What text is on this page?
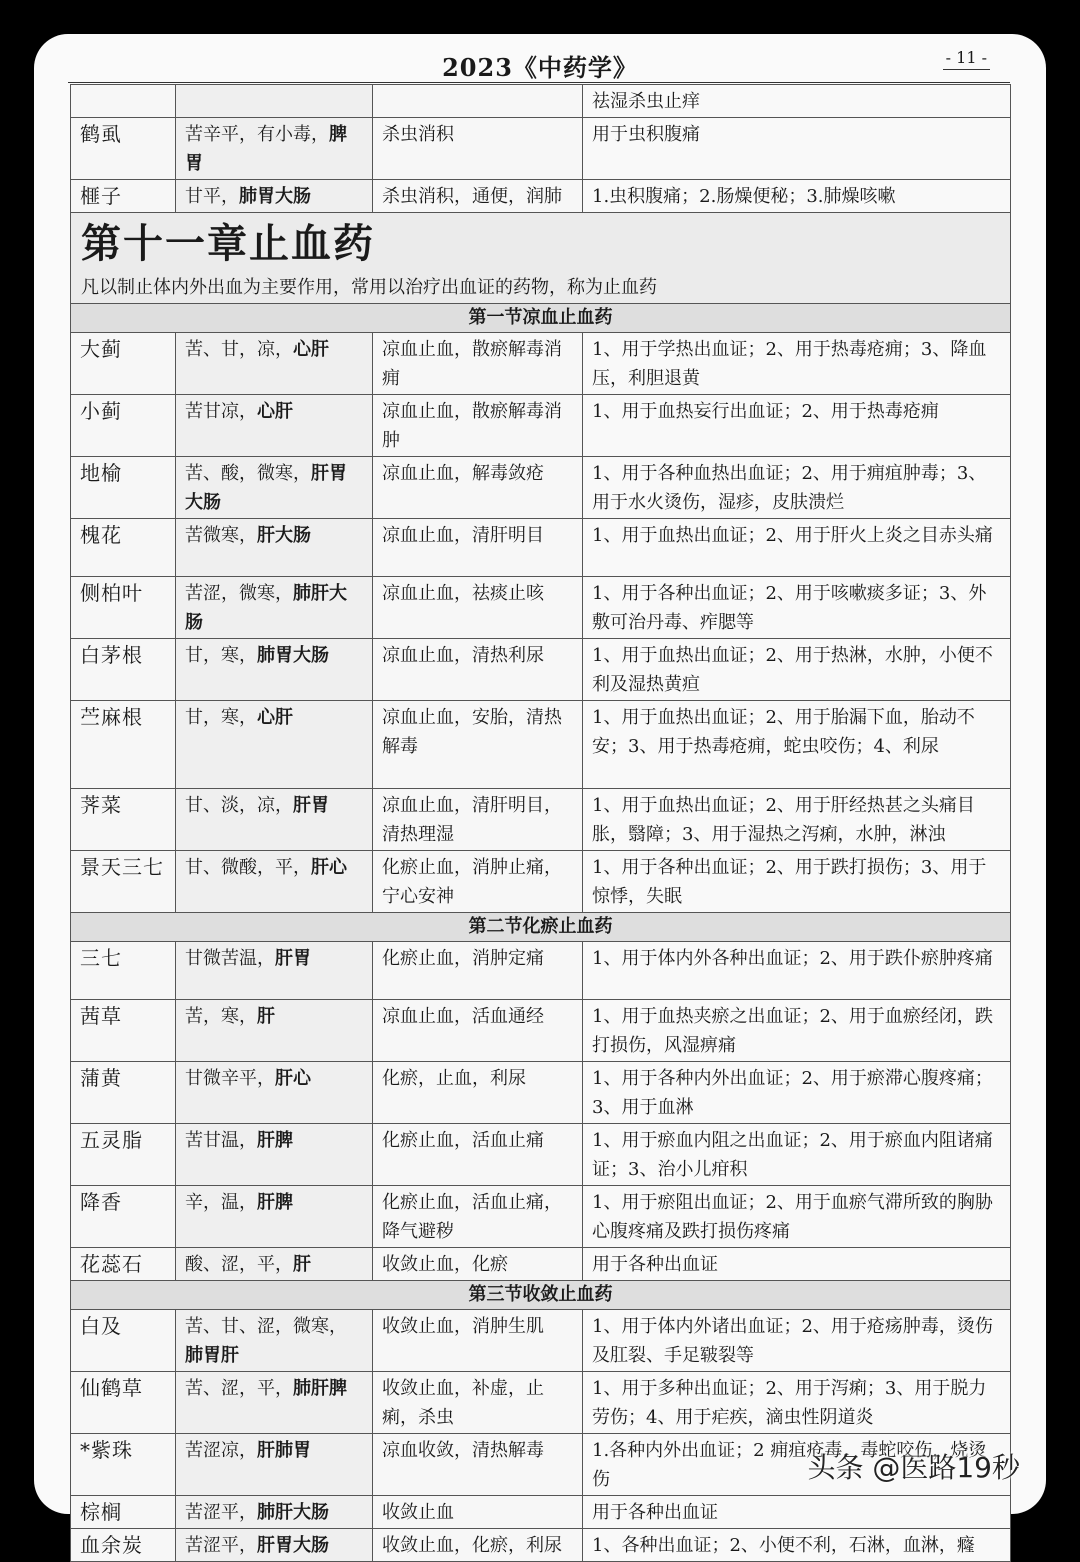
2023《中药学》	- 11 -
			祛湿杀虫止痒
鹤虱	苦辛平，有小毒，脾胃	杀虫消积	用于虫积腹痛
榧子	甘平，肺胃大肠	杀虫消积，通便，润肺	1.虫积腹痛；2.肠燥便秘；3.肺燥咳嗽

第十一章止血药
凡以制止体内外出血为主要作用，常用以治疗出血证的药物，称为止血药			

第一节凉血止血药			
大蓟	苦、甘，凉，心肝	凉血止血，散瘀解毒消痈	1、用于学热出血证；2、用于热毒疮痈；3、降血压，利胆退黄
小蓟	苦甘凉，心肝	凉血止血，散瘀解毒消肿	1、用于血热妄行出血证；2、用于热毒疮痈
地榆	苦、酸，微寒，肝胃大肠	凉血止血，解毒敛疮	1、用于各种血热出血证；2、用于痈疽肿毒；3、用于水火烫伤，湿疹，皮肤溃烂
槐花	苦微寒，肝大肠	凉血止血，清肝明目	1、用于血热出血证；2、用于肝火上炎之目赤头痛
侧柏叶	苦涩，微寒，肺肝大肠	凉血止血，祛痰止咳	1、用于各种出血证；2、用于咳嗽痰多证；3、外敷可治丹毒、痄腮等
白茅根	甘，寒，肺胃大肠	凉血止血，清热利尿	1、用于血热出血证；2、用于热淋，水肿，小便不利及湿热黄疸
苎麻根	甘，寒，心肝	凉血止血，安胎，清热解毒	1、用于血热出血证；2、用于胎漏下血，胎动不安；3、用于热毒疮痈，蛇虫咬伤；4、利尿
荠菜	甘、淡，凉，肝胃	凉血止血，清肝明目，清热理湿	1、用于血热出血证；2、用于肝经热甚之头痛目胀，翳障；3、用于湿热之泻痢，水肿，淋浊
景天三七	甘、微酸，平，肝心	化瘀止血，消肿止痛，宁心安神	1、用于各种出血证；2、用于跌打损伤；3、用于惊悸，失眠
第二节化瘀止血药			
三七	甘微苦温，肝胃	化瘀止血，消肿定痛	1、用于体内外各种出血证；2、用于跌仆瘀肿疼痛
茜草	苦，寒，肝	凉血止血，活血通经	1、用于血热夹瘀之出血证；2、用于血瘀经闭，跌打损伤，风湿痹痛
蒲黄	甘微辛平，肝心	化瘀，止血，利尿	1、用于各种内外出血证；2、用于瘀滞心腹疼痛；3、用于血淋
五灵脂	苦甘温，肝脾	化瘀止血，活血止痛	1、用于瘀血内阻之出血证；2、用于瘀血内阻诸痛证；3、治小儿疳积
降香	辛，温，肝脾	化瘀止血，活血止痛，降气避秽	1、用于瘀阻出血证；2、用于血瘀气滞所致的胸胁心腹疼痛及跌打损伤疼痛
花蕊石	酸、涩，平，肝	收敛止血，化瘀	用于各种出血证
第三节收敛止血药			
白及	苦、甘、涩，微寒，肺胃肝	收敛止血，消肿生肌	1、用于体内外诸出血证；2、用于疮疡肿毒，烫伤及肛裂、手足皲裂等
仙鹤草	苦、涩，平，肺肝脾	收敛止血，补虚，止痢，杀虫	1、用于多种出血证；2、用于泻痢；3、用于脱力劳伤；4、用于疟疾，滴虫性阴道炎
*紫珠	苦涩凉，肝肺胃	凉血收敛，清热解毒	1.各种内外出血证；2 痈疽疮毒，毒蛇咬伤，烧烫伤
棕榈	苦涩平，肺肝大肠	收敛止血	用于各种出血证
血余炭	苦涩平，肝胃大肠	收敛止血，化瘀，利尿	1、各种出血证；2、小便不利，石淋，血淋，癃
头条 @医路19秒
